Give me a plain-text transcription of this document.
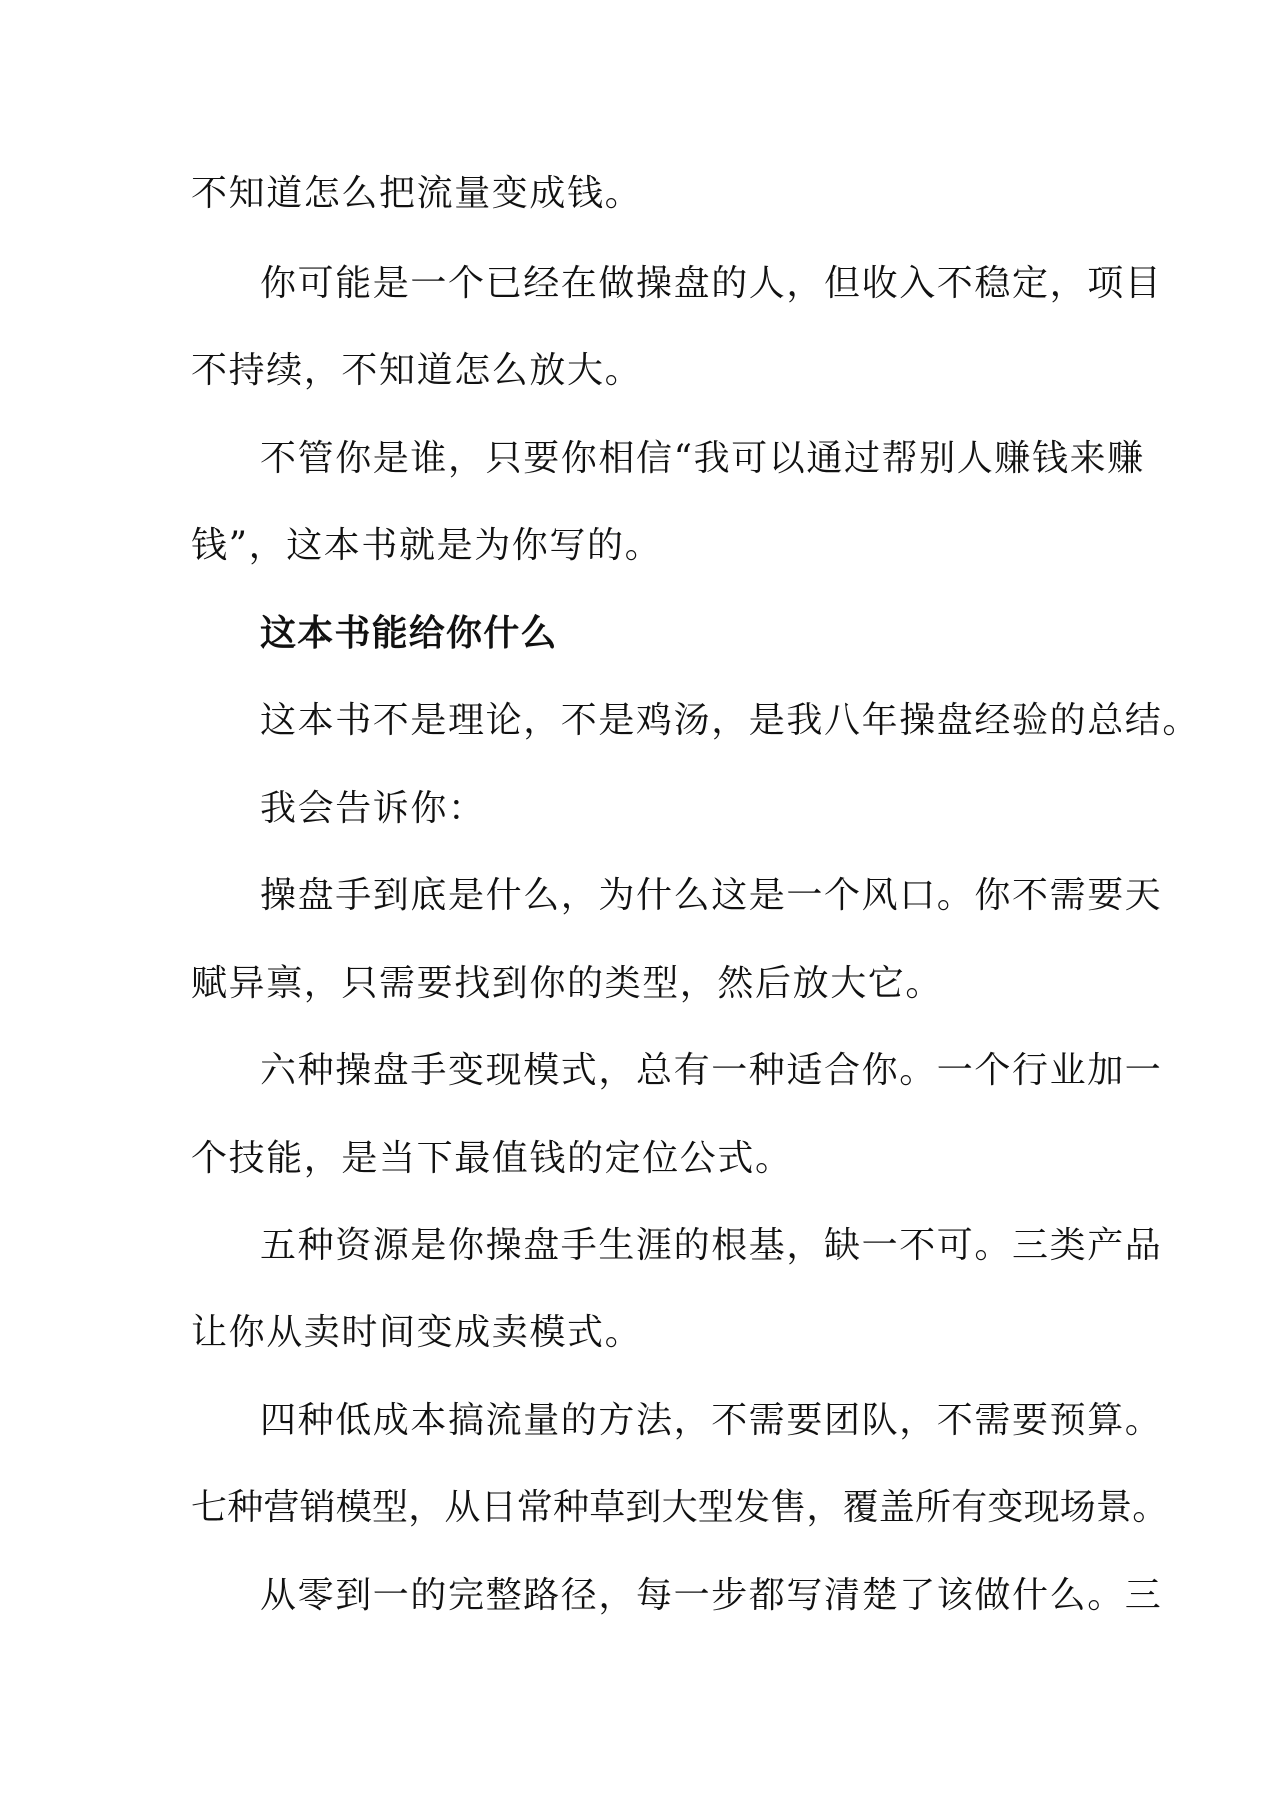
不知道怎么把流量变成钱。
你可能是一个已经在做操盘的人，但收入不稳定，项目
不持续，不知道怎么放大。
不管你是谁，只要你相信“我可以通过帮别人赚钱来赚
钱”，这本书就是为你写的。
这本书能给你什么
这本书不是理论，不是鸡汤，是我八年操盘经验的总结。
我会告诉你：
操盘手到底是什么，为什么这是一个风口。你不需要天
赋异禀，只需要找到你的类型，然后放大它。
六种操盘手变现模式，总有一种适合你。一个行业加一
个技能，是当下最值钱的定位公式。
五种资源是你操盘手生涯的根基，缺一不可。三类产品
让你从卖时间变成卖模式。
四种低成本搞流量的方法，不需要团队，不需要预算。
七种营销模型，从日常种草到大型发售，覆盖所有变现场景。
从零到一的完整路径，每一步都写清楚了该做什么。三
